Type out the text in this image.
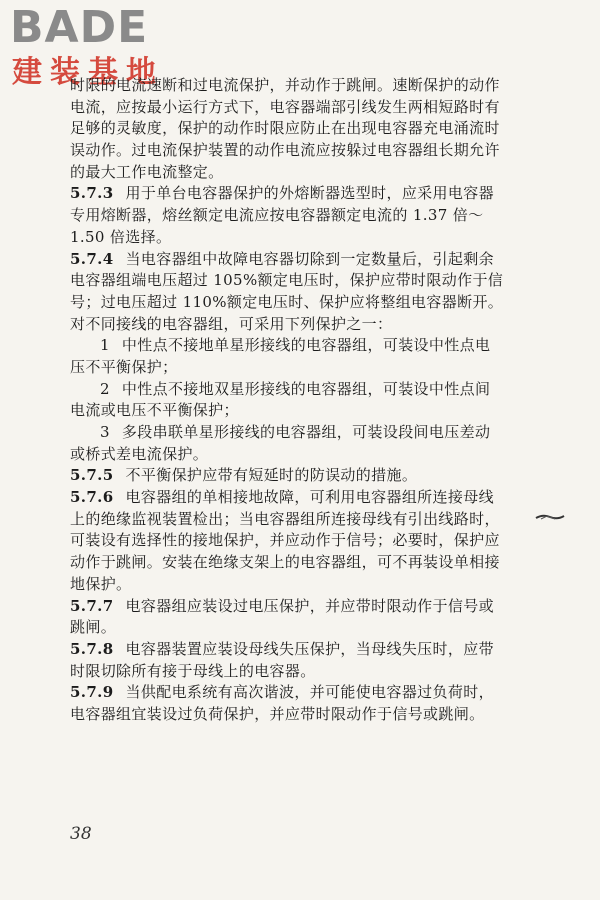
BADE
建装基地
时限的电流速断和过电流保护，并动作于跳闸。速断保护的动作
电流，应按最小运行方式下，电容器端部引线发生两相短路时有
足够的灵敏度，保护的动作时限应防止在出现电容器充电涌流时
误动作。过电流保护装置的动作电流应按躲过电容器组长期允许
的最大工作电流整定。
5.7.3 用于单台电容器保护的外熔断器选型时，应采用电容器
专用熔断器，熔丝额定电流应按电容器额定电流的 1.37 倍～
1.50 倍选择。
5.7.4 当电容器组中故障电容器切除到一定数量后，引起剩余
电容器组端电压超过 105%额定电压时，保护应带时限动作于信
号；过电压超过 110%额定电压时、保护应将整组电容器断开。
对不同接线的电容器组，可采用下列保护之一：
1 中性点不接地单星形接线的电容器组，可装设中性点电
压不平衡保护；
2 中性点不接地双星形接线的电容器组，可装设中性点间
电流或电压不平衡保护；
3 多段串联单星形接线的电容器组，可装设段间电压差动
或桥式差电流保护。
5.7.5 不平衡保护应带有短延时的防误动的措施。
5.7.6 电容器组的单相接地故障，可利用电容器组所连接母线
上的绝缘监视装置检出；当电容器组所连接母线有引出线路时，
可装设有选择性的接地保护，并应动作于信号；必要时，保护应
动作于跳闸。安装在绝缘支架上的电容器组，可不再装设单相接
地保护。
5.7.7 电容器组应装设过电压保护，并应带时限动作于信号或
跳闸。
5.7.8 电容器装置应装设母线失压保护，当母线失压时，应带
时限切除所有接于母线上的电容器。
5.7.9 当供配电系统有高次谐波，并可能使电容器过负荷时，
电容器组宜装设过负荷保护，并应带时限动作于信号或跳闸。
38
